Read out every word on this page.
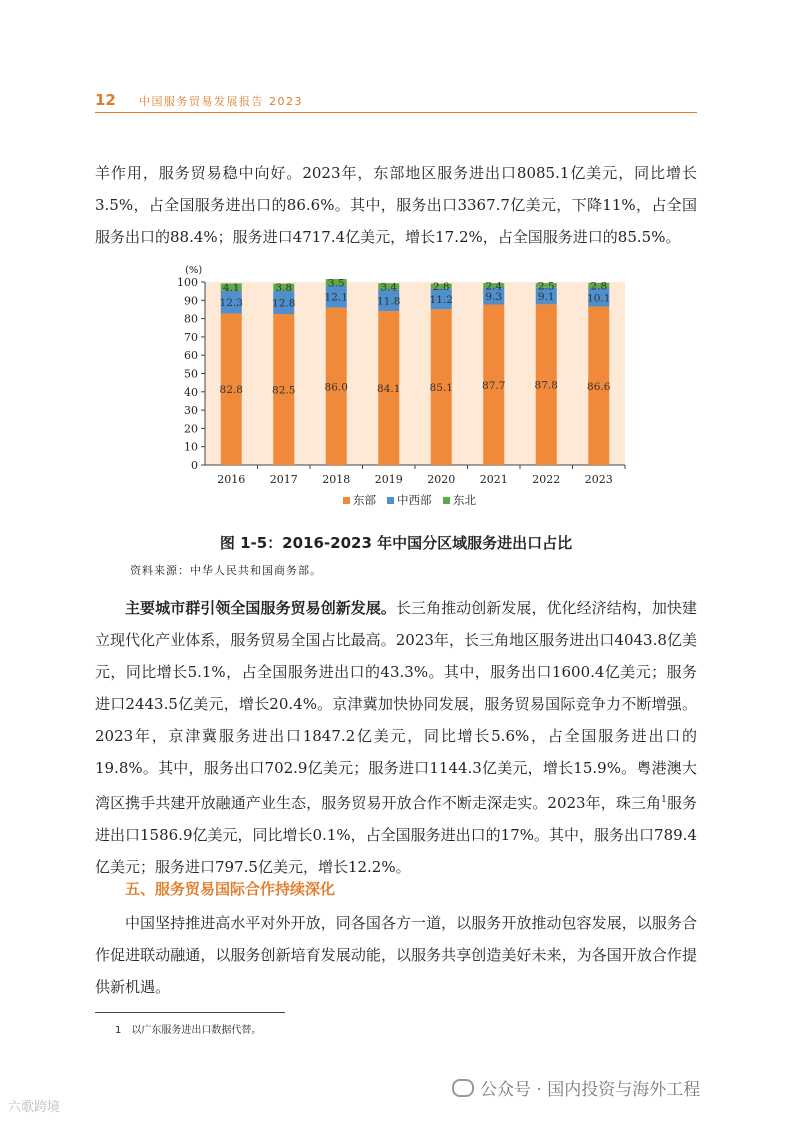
12 中国服务贸易发展报告 2023

羊作用，服务贸易稳中向好。2023年，东部地区服务进出口8085.1亿美元，同比增长3.5%，占全国服务进出口的86.6%。其中，服务出口3367.7亿美元，下降11%，占全国服务出口的88.4%；服务进口4717.4亿美元，增长17.2%，占全国服务进口的85.5%。

0
10
20
30
40
50
60
70
80
90
100
(%)
82.8
12.3
4.1
2016
82.5
12.8
3.8
2017
86.0
12.1
3.5
2018
84.1
11.8
3.4
2019
85.1
11.2
2.8
2020
87.7
9.3
2.4
2021
87.8
9.1
2.5
2022
86.6
10.1
2.8
2023
东部 中西部 东北
图 1-5：2016-2023 年中国分区域服务进出口占比
资料来源：中华人民共和国商务部。

主要城市群引领全国服务贸易创新发展。长三角推动创新发展，优化经济结构，加快建立现代化产业体系，服务贸易全国占比最高。2023年，长三角地区服务进出口4043.8亿美元，同比增长5.1%，占全国服务进出口的43.3%。其中，服务出口1600.4亿美元；服务进口2443.5亿美元，增长20.4%。京津冀加快协同发展，服务贸易国际竞争力不断增强。2023年，京津冀服务进出口1847.2亿美元，同比增长5.6%，占全国服务进出口的19.8%。其中，服务出口702.9亿美元；服务进口1144.3亿美元，增长15.9%。粤港澳大湾区携手共建开放融通产业生态，服务贸易开放合作不断走深走实。2023年，珠三角$^1$服务进出口1586.9亿美元，同比增长0.1%，占全国服务进出口的17%。其中，服务出口789.4亿美元；服务进口797.5亿美元，增长12.2%。

五、服务贸易国际合作持续深化

中国坚持推进高水平对外开放，同各国各方一道，以服务开放推动包容发展，以服务合作促进联动融通，以服务创新培育发展动能，以服务共享创造美好未来，为各国开放合作提供新机遇。

1　以广东服务进出口数据代替。
公众号 · 国内投资与海外工程
六歌跨境
